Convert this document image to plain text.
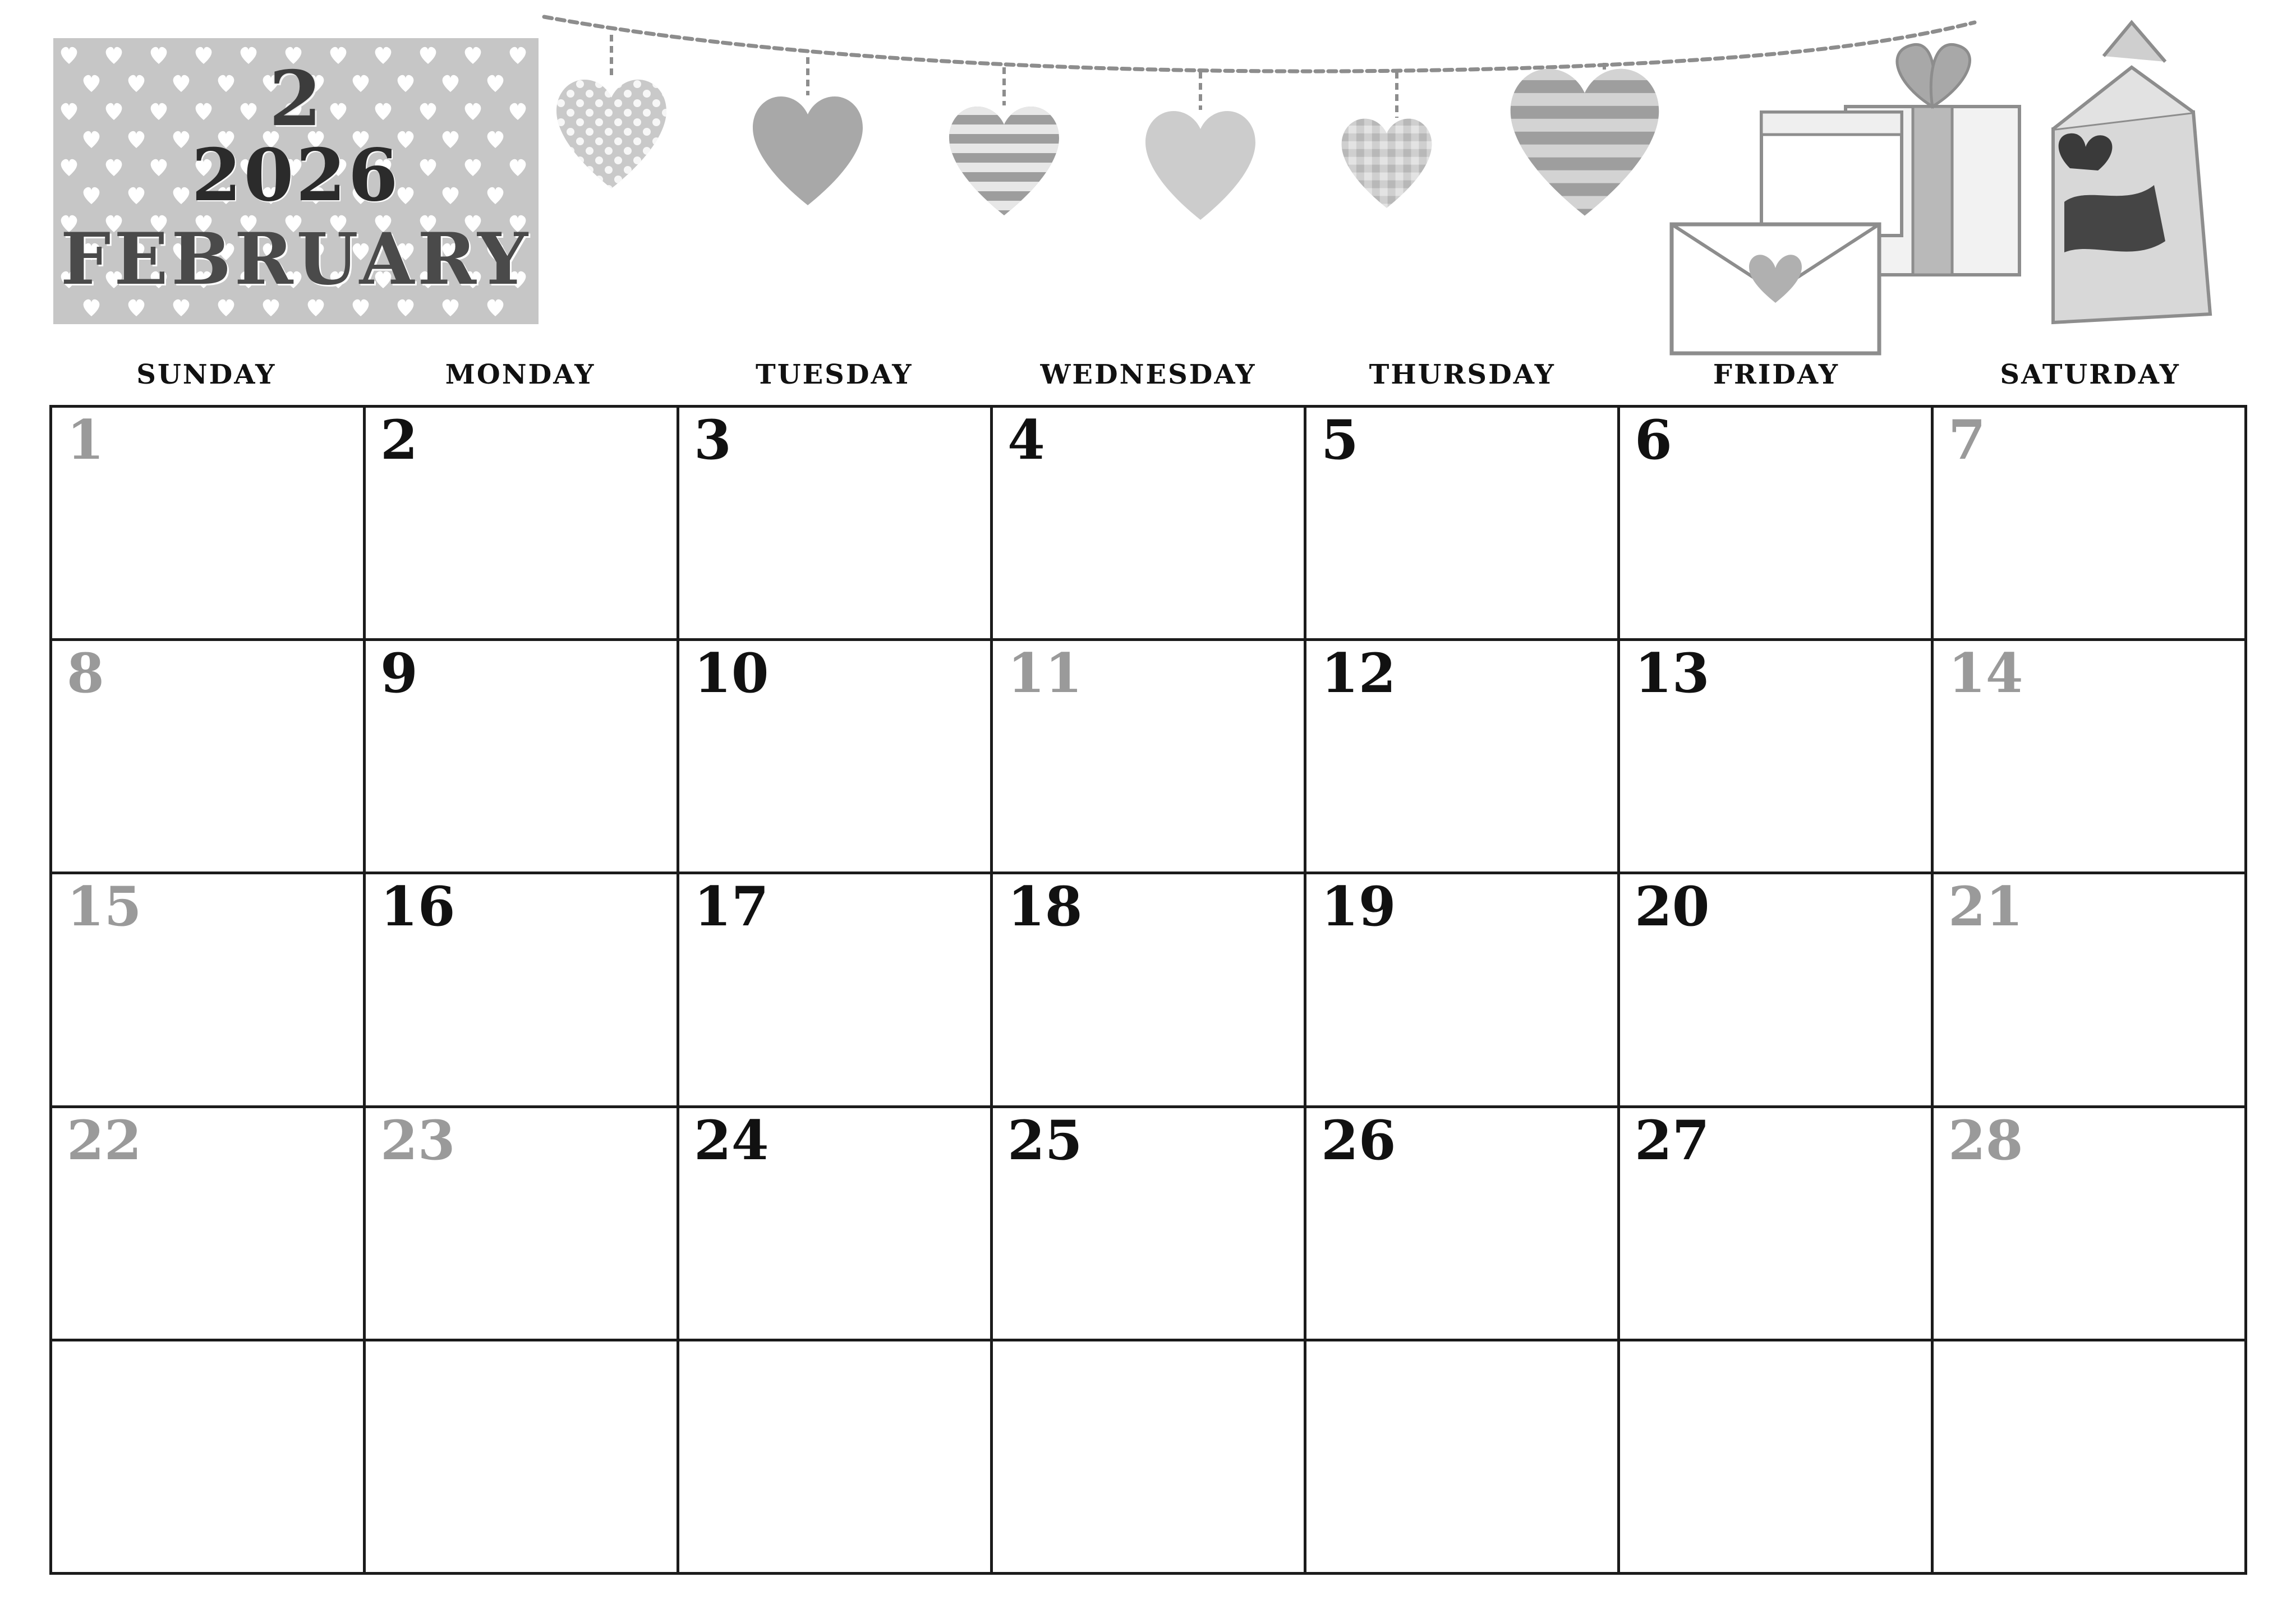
2
2026
FEBRUARY
SUNDAY	MONDAY	TUESDAY	WEDNESDAY	THURSDAY	FRIDAY	SATURDAY
1	2	3	4	5	6	7
8	9	10	11	12	13	14
15	16	17	18	19	20	21
22	23	24	25	26	27	28
